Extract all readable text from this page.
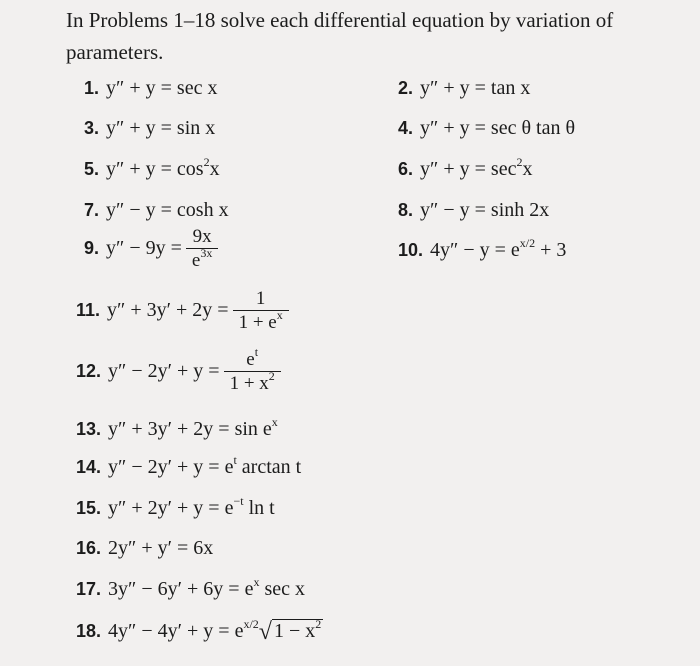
In Problems 1–18 solve each differential equation by variation of parameters.
1. y″ + y = sec x	2. y″ + y = tan x
3. y″ + y = sin x	4. y″ + y = sec θ tan θ
5. $y'' + y = \cos^2x$	6. $y'' + y = \sec^2x$
7. y″ − y = cosh x	8. y″ − y = sinh 2x
9. $y'' - 9y = \frac{9x}{e^{3x}}$	10. $4y'' - y = e^{x/2} + 3$
11. $y'' + 3y' + 2y = \frac{1}{1 + e^x}$
12. $y'' - 2y' + y = \frac{e^t}{1 + x^2}$
13. $y'' + 3y' + 2y = \sin e^x$
14. $y'' - 2y' + y = e^t$ arctan t
15. $y'' + 2y' + y = e^{-t}$ ln t
16. 2y″ + y′ = 6x
17. $3y'' - 6y' + 6y = e^x$ sec x
18. $4y'' - 4y' + y = e^{x/2}√$ $1 - x^2$
